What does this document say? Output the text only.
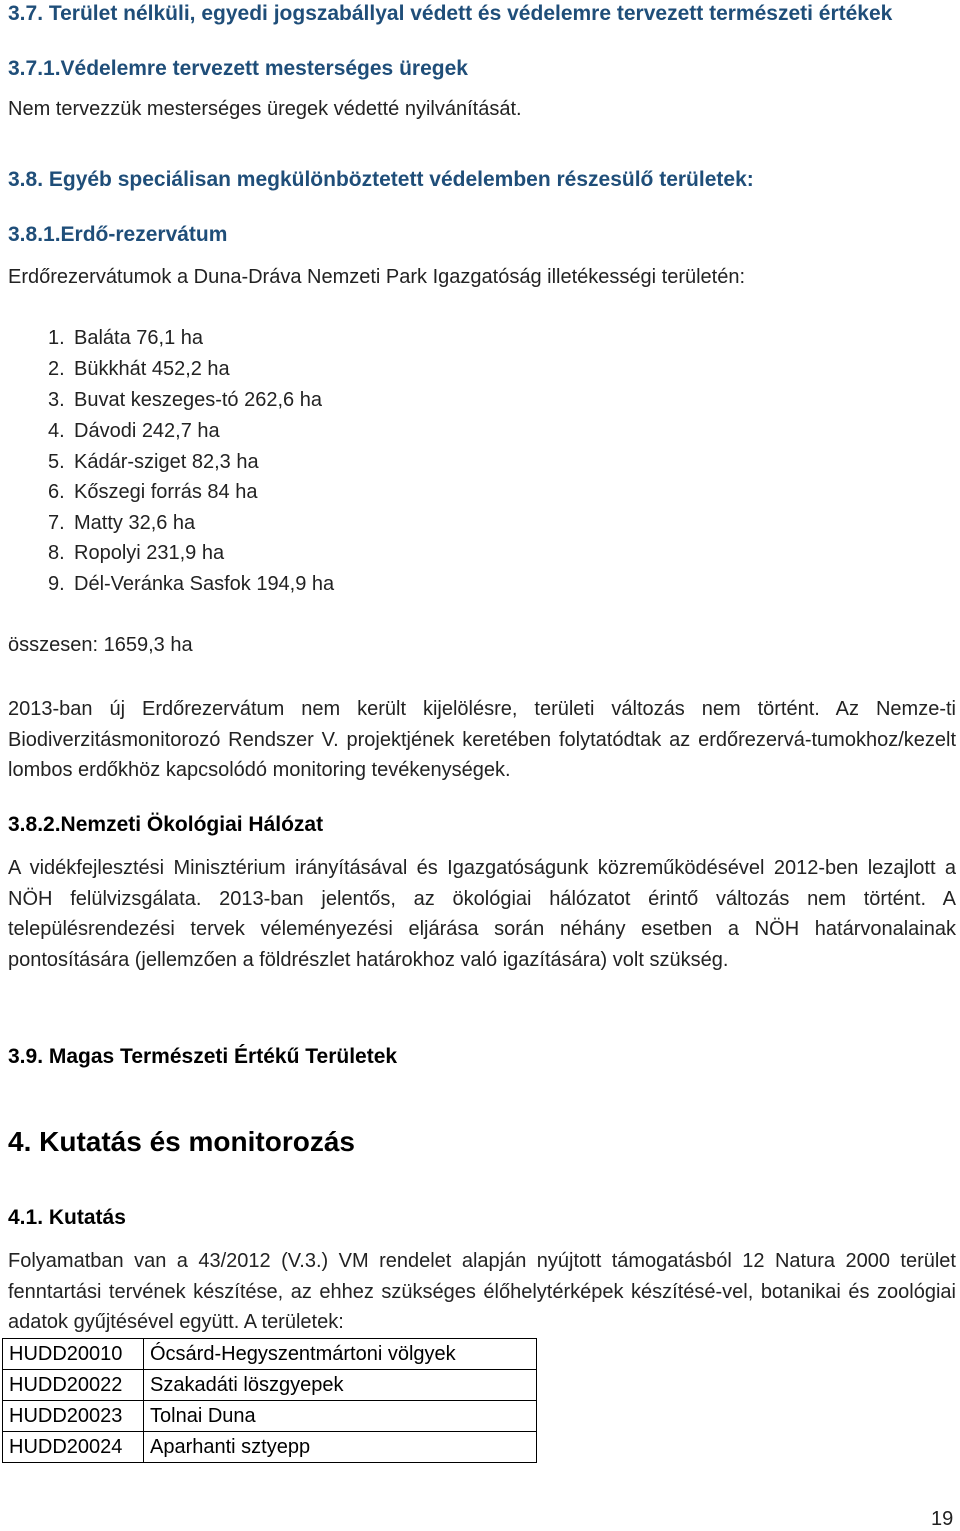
3.7. Terület nélküli, egyedi jogszabállyal védett és védelemre tervezett természeti értékek
3.7.1.Védelemre tervezett mesterséges üregek
Nem tervezzük mesterséges üregek védetté nyilvánítását.
3.8. Egyéb speciálisan megkülönböztetett védelemben részesülő területek:
3.8.1.Erdő-rezervátum
Erdőrezervátumok a Duna-Dráva Nemzeti Park Igazgatóság illetékességi területén:
1. Baláta 76,1 ha
2. Bükkhát 452,2 ha
3. Buvat keszeges-tó 262,6 ha
4. Dávodi 242,7 ha
5. Kádár-sziget 82,3 ha
6. Kőszegi forrás 84 ha
7. Matty 32,6 ha
8. Ropolyi 231,9 ha
9. Dél-Veránka Sasfok 194,9 ha
összesen: 1659,3 ha
2013-ban új Erdőrezervátum nem került kijelölésre, területi változás nem történt. Az Nemze-ti Biodiverzitásmonitorozó Rendszer V. projektjének keretében folytatódtak az erdőrezervá-tumokhoz/kezelt lombos erdőkhöz kapcsolódó monitoring tevékenységek.
3.8.2.Nemzeti Ökológiai Hálózat
A vidékfejlesztési Minisztérium irányításával és Igazgatóságunk közreműködésével 2012-ben lezajlott a NÖH felülvizsgálata. 2013-ban jelentős, az ökológiai hálózatot érintő változás nem történt. A településrendezési tervek véleményezési eljárása során néhány esetben a NÖH határvonalainak pontosítására (jellemzően a földrészlet határokhoz való igazítására) volt szükség.
3.9. Magas Természeti Értékű Területek
4. Kutatás és monitorozás
4.1. Kutatás
Folyamatban van a 43/2012 (V.3.) VM rendelet alapján nyújtott támogatásból 12 Natura 2000 terület fenntartási tervének készítése, az ehhez szükséges élőhelytérképek készítésé-vel, botanikai és zoológiai adatok gyűjtésével együtt. A területek:
HUDD20010	Ócsárd-Hegyszentmártoni völgyek
HUDD20022	Szakadáti löszgyepek
HUDD20023	Tolnai Duna
HUDD20024	Aparhanti sztyepp
19
